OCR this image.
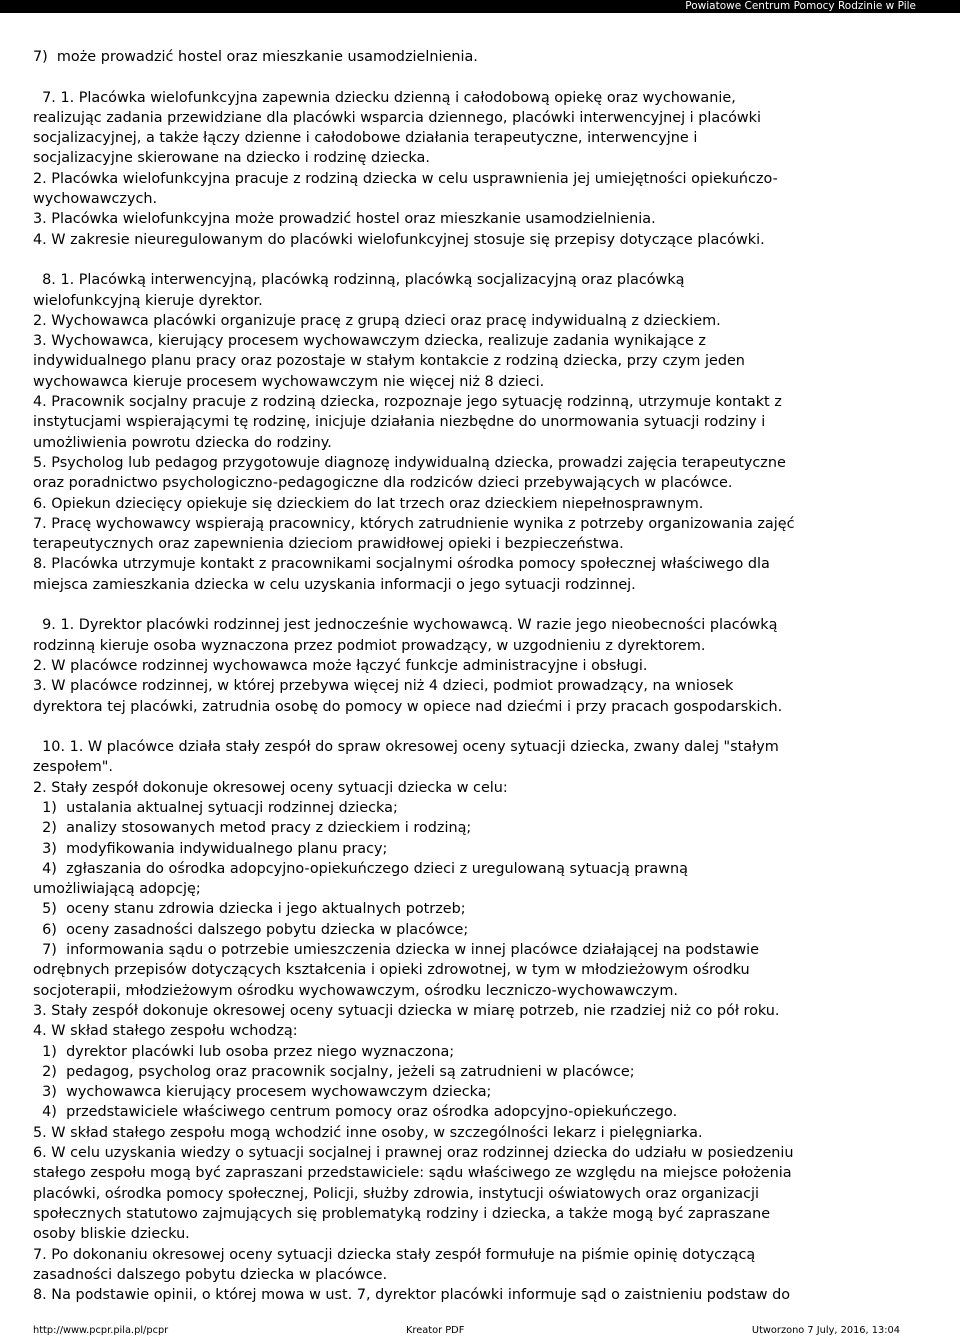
Powiatowe Centrum Pomocy Rodzinie w Pile

7)  może prowadzić hostel oraz mieszkanie usamodzielnienia.

7. 1. Placówka wielofunkcyjna zapewnia dziecku dzienną i całodobową opiekę oraz wychowanie,

realizując zadania przewidziane dla placówki wsparcia dziennego, placówki interwencyjnej i placówki

socjalizacyjnej, a także łączy dzienne i całodobowe działania terapeutyczne, interwencyjne i

socjalizacyjne skierowane na dziecko i rodzinę dziecka.

2. Placówka wielofunkcyjna pracuje z rodziną dziecka w celu usprawnienia jej umiejętności opiekuńczo-

wychowawczych.

3. Placówka wielofunkcyjna może prowadzić hostel oraz mieszkanie usamodzielnienia.

4. W zakresie nieuregulowanym do placówki wielofunkcyjnej stosuje się przepisy dotyczące placówki.

8. 1. Placówką interwencyjną, placówką rodzinną, placówką socjalizacyjną oraz placówką

wielofunkcyjną kieruje dyrektor.

2. Wychowawca placówki organizuje pracę z grupą dzieci oraz pracę indywidualną z dzieckiem.

3. Wychowawca, kierujący procesem wychowawczym dziecka, realizuje zadania wynikające z

indywidualnego planu pracy oraz pozostaje w stałym kontakcie z rodziną dziecka, przy czym jeden

wychowawca kieruje procesem wychowawczym nie więcej niż 8 dzieci.

4. Pracownik socjalny pracuje z rodziną dziecka, rozpoznaje jego sytuację rodzinną, utrzymuje kontakt z

instytucjami wspierającymi tę rodzinę, inicjuje działania niezbędne do unormowania sytuacji rodziny i

umożliwienia powrotu dziecka do rodziny.

5. Psycholog lub pedagog przygotowuje diagnozę indywidualną dziecka, prowadzi zajęcia terapeutyczne

oraz poradnictwo psychologiczno-pedagogiczne dla rodziców dzieci przebywających w placówce.

6. Opiekun dziecięcy opiekuje się dzieckiem do lat trzech oraz dzieckiem niepełnosprawnym.

7. Pracę wychowawcy wspierają pracownicy, których zatrudnienie wynika z potrzeby organizowania zajęć

terapeutycznych oraz zapewnienia dzieciom prawidłowej opieki i bezpieczeństwa.

8. Placówka utrzymuje kontakt z pracownikami socjalnymi ośrodka pomocy społecznej właściwego dla

miejsca zamieszkania dziecka w celu uzyskania informacji o jego sytuacji rodzinnej.

9. 1. Dyrektor placówki rodzinnej jest jednocześnie wychowawcą. W razie jego nieobecności placówką

rodzinną kieruje osoba wyznaczona przez podmiot prowadzący, w uzgodnieniu z dyrektorem.

2. W placówce rodzinnej wychowawca może łączyć funkcje administracyjne i obsługi.

3. W placówce rodzinnej, w której przebywa więcej niż 4 dzieci, podmiot prowadzący, na wniosek

dyrektora tej placówki, zatrudnia osobę do pomocy w opiece nad dziećmi i przy pracach gospodarskich.

10. 1. W placówce działa stały zespół do spraw okresowej oceny sytuacji dziecka, zwany dalej "stałym

zespołem".

2. Stały zespół dokonuje okresowej oceny sytuacji dziecka w celu:

1)  ustalania aktualnej sytuacji rodzinnej dziecka;

2)  analizy stosowanych metod pracy z dzieckiem i rodziną;

3)  modyfikowania indywidualnego planu pracy;

4)  zgłaszania do ośrodka adopcyjno-opiekuńczego dzieci z uregulowaną sytuacją prawną

umożliwiającą adopcję;

5)  oceny stanu zdrowia dziecka i jego aktualnych potrzeb;

6)  oceny zasadności dalszego pobytu dziecka w placówce;

7)  informowania sądu o potrzebie umieszczenia dziecka w innej placówce działającej na podstawie

odrębnych przepisów dotyczących kształcenia i opieki zdrowotnej, w tym w młodzieżowym ośrodku

socjoterapii, młodzieżowym ośrodku wychowawczym, ośrodku leczniczo-wychowawczym.

3. Stały zespół dokonuje okresowej oceny sytuacji dziecka w miarę potrzeb, nie rzadziej niż co pół roku.

4. W skład stałego zespołu wchodzą:

1)  dyrektor placówki lub osoba przez niego wyznaczona;

2)  pedagog, psycholog oraz pracownik socjalny, jeżeli są zatrudnieni w placówce;

3)  wychowawca kierujący procesem wychowawczym dziecka;

4)  przedstawiciele właściwego centrum pomocy oraz ośrodka adopcyjno-opiekuńczego.

5. W skład stałego zespołu mogą wchodzić inne osoby, w szczególności lekarz i pielęgniarka.

6. W celu uzyskania wiedzy o sytuacji socjalnej i prawnej oraz rodzinnej dziecka do udziału w posiedzeniu

stałego zespołu mogą być zapraszani przedstawiciele: sądu właściwego ze względu na miejsce położenia

placówki, ośrodka pomocy społecznej, Policji, służby zdrowia, instytucji oświatowych oraz organizacji

społecznych statutowo zajmujących się problematyką rodziny i dziecka, a także mogą być zapraszane

osoby bliskie dziecku.

7. Po dokonaniu okresowej oceny sytuacji dziecka stały zespół formułuje na piśmie opinię dotyczącą

zasadności dalszego pobytu dziecka w placówce.

8. Na podstawie opinii, o której mowa w ust. 7, dyrektor placówki informuje sąd o zaistnieniu podstaw do

http://www.pcpr.pila.pl/pcpr	Kreator PDF	Utworzono 7 July, 2016, 13:04
